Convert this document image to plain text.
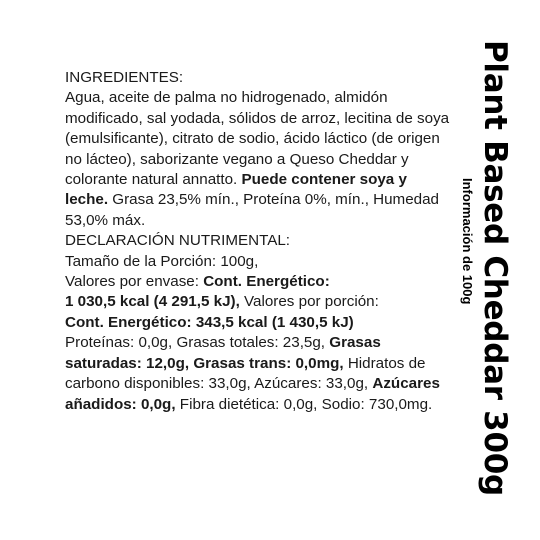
INGREDIENTES:

Agua, aceite de palma no hidrogenado, almidón modificado, sal yodada, sólidos de arroz, lecitina de soya (emulsificante), citrato de sodio, ácido láctico (de origen no lácteo), saborizante vegano a Queso Cheddar y colorante natural annatto. Puede contener soya y leche. Grasa 23,5% mín., Proteína 0%, mín., Humedad 53,0% máx.

DECLARACIÓN NUTRIMENTAL:

Tamaño de la Porción: 100g,
Valores por envase: Cont. Energético:
1 030,5 kcal (4 291,5 kJ), Valores por porción:
Cont. Energético: 343,5 kcal (1 430,5 kJ)
Proteínas: 0,0g, Grasas totales: 23,5g, Grasas saturadas: 12,0g, Grasas trans: 0,0mg, Hidratos de carbono disponibles: 33,0g, Azúcares: 33,0g, Azúcares añadidos: 0,0g, Fibra dietética: 0,0g, Sodio: 730,0mg.	Plant Based Cheddar 300g
Información de 100g
